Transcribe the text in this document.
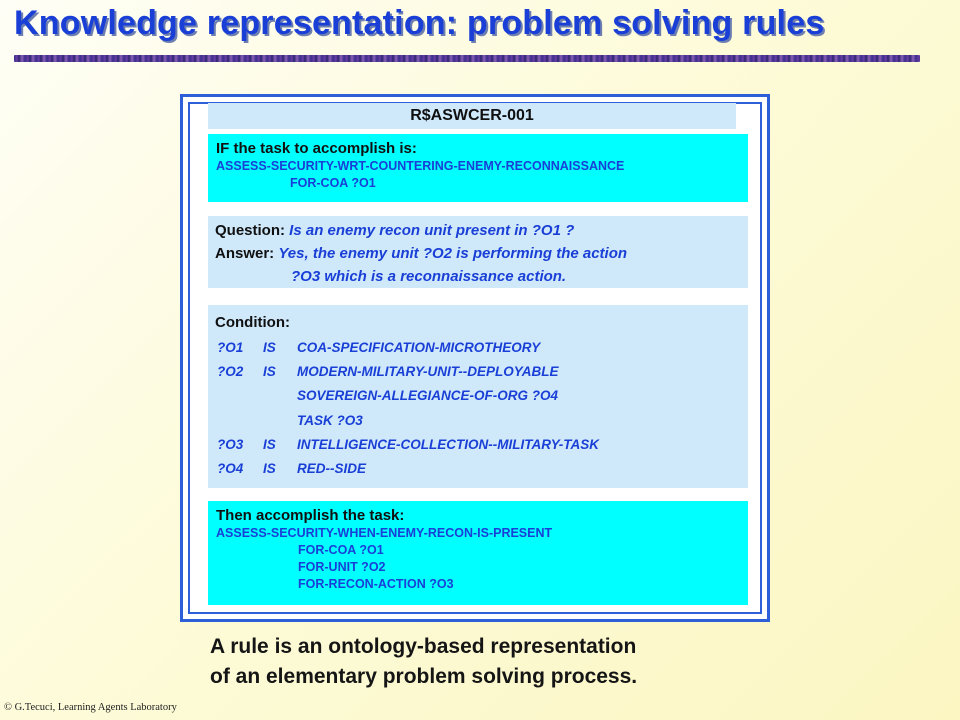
Knowledge representation: problem solving rules
R$ASWCER-001
IF the task to accomplish is:
ASSESS-SECURITY-WRT-COUNTERING-ENEMY-RECONNAISSANCE
FOR-COA ?O1
Question: Is an enemy recon unit present in ?O1 ?
Answer: Yes, the enemy unit ?O2 is performing the action
?O3 which is a reconnaissance action.
Condition:
?O1 IS COA-SPECIFICATION-MICROTHEORY
?O2 IS MODERN-MILITARY-UNIT--DEPLOYABLE
SOVEREIGN-ALLEGIANCE-OF-ORG ?O4
TASK ?O3
?O3 IS INTELLIGENCE-COLLECTION--MILITARY-TASK
?O4 IS RED--SIDE
Then accomplish the task:
ASSESS-SECURITY-WHEN-ENEMY-RECON-IS-PRESENT
FOR-COA ?O1
FOR-UNIT ?O2
FOR-RECON-ACTION ?O3
A rule is an ontology-based representation
of an elementary problem solving process.
© G.Tecuci, Learning Agents Laboratory
